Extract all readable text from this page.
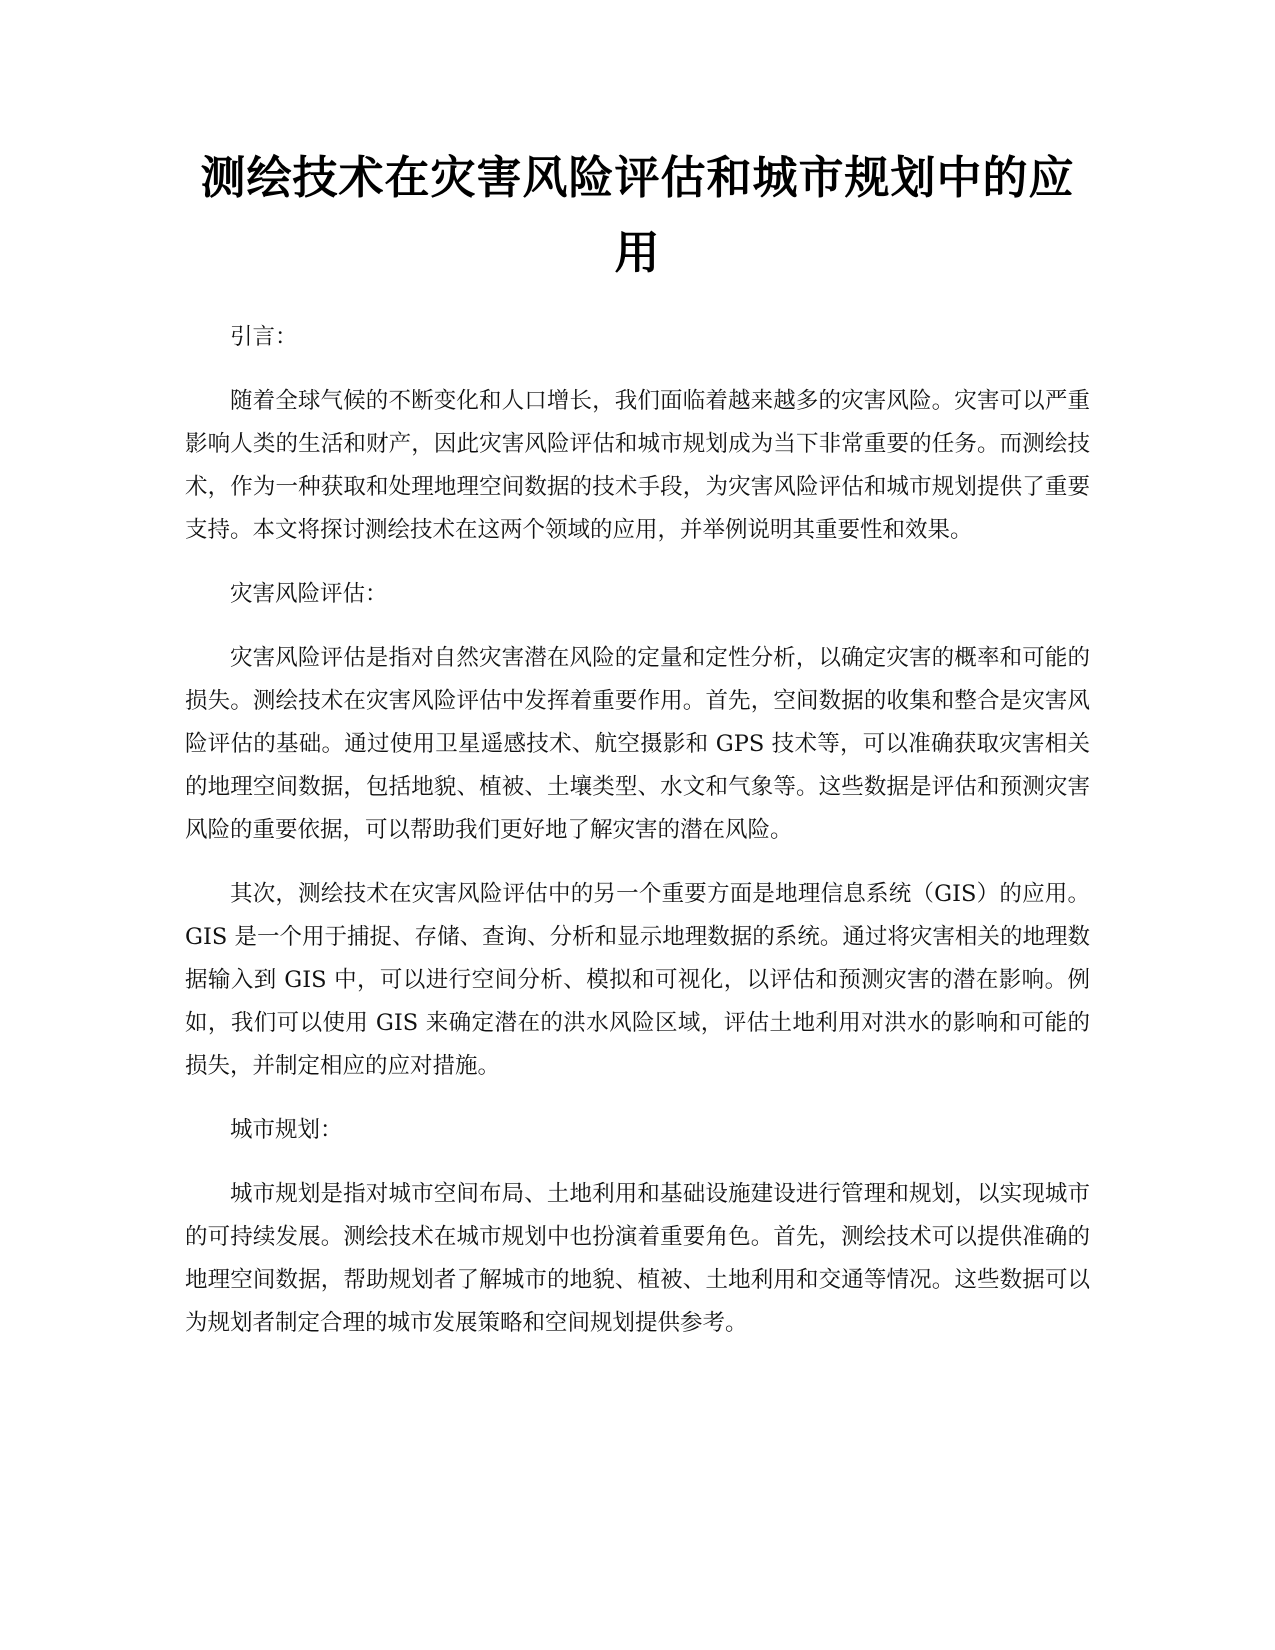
测绘技术在灾害风险评估和城市规划中的应用

引言：

随着全球气候的不断变化和人口增长，我们面临着越来越多的灾害风险。灾害可以严重影响人类的生活和财产，因此灾害风险评估和城市规划成为当下非常重要的任务。而测绘技术，作为一种获取和处理地理空间数据的技术手段，为灾害风险评估和城市规划提供了重要支持。本文将探讨测绘技术在这两个领域的应用，并举例说明其重要性和效果。

灾害风险评估：

灾害风险评估是指对自然灾害潜在风险的定量和定性分析，以确定灾害的概率和可能的损失。测绘技术在灾害风险评估中发挥着重要作用。首先，空间数据的收集和整合是灾害风险评估的基础。通过使用卫星遥感技术、航空摄影和 GPS 技术等，可以准确获取灾害相关的地理空间数据，包括地貌、植被、土壤类型、水文和气象等。这些数据是评估和预测灾害风险的重要依据，可以帮助我们更好地了解灾害的潜在风险。

其次，测绘技术在灾害风险评估中的另一个重要方面是地理信息系统（GIS）的应用。GIS 是一个用于捕捉、存储、查询、分析和显示地理数据的系统。通过将灾害相关的地理数据输入到 GIS 中，可以进行空间分析、模拟和可视化，以评估和预测灾害的潜在影响。例如，我们可以使用 GIS 来确定潜在的洪水风险区域，评估土地利用对洪水的影响和可能的损失，并制定相应的应对措施。

城市规划：

城市规划是指对城市空间布局、土地利用和基础设施建设进行管理和规划，以实现城市的可持续发展。测绘技术在城市规划中也扮演着重要角色。首先，测绘技术可以提供准确的地理空间数据，帮助规划者了解城市的地貌、植被、土地利用和交通等情况。这些数据可以为规划者制定合理的城市发展策略和空间规划提供参考。
